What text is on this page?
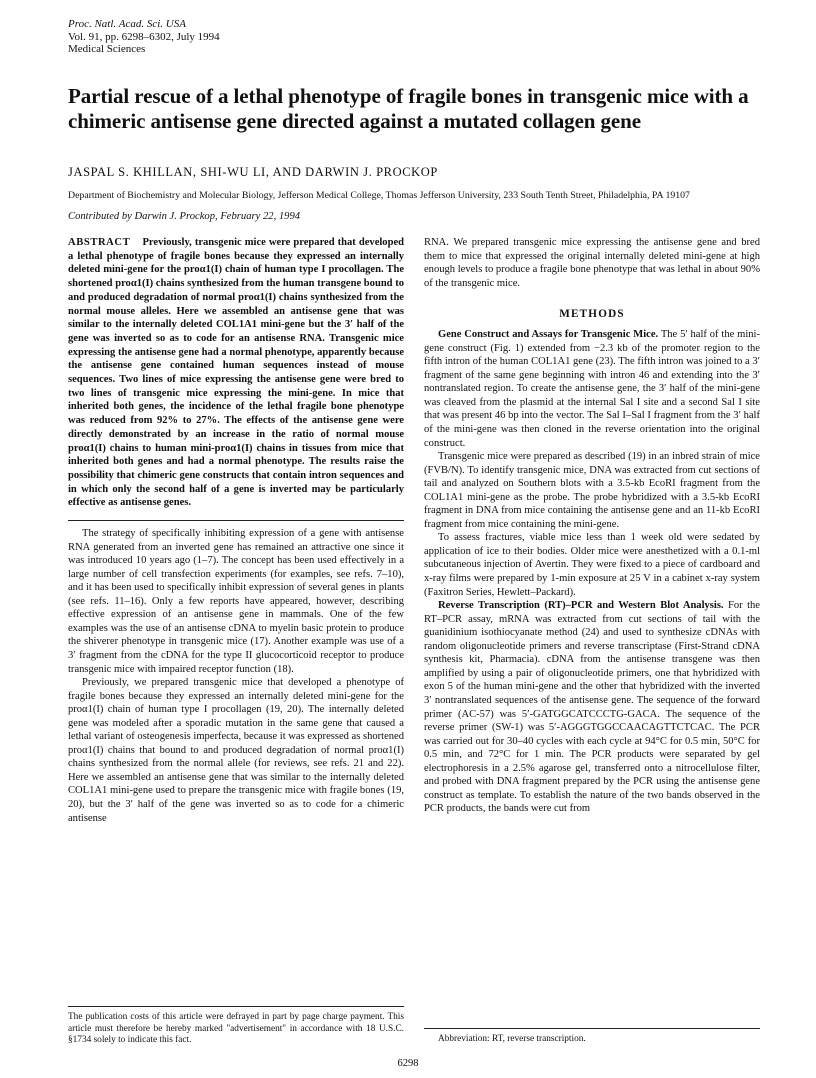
Proc. Natl. Acad. Sci. USA
Vol. 91, pp. 6298–6302, July 1994
Medical Sciences
Partial rescue of a lethal phenotype of fragile bones in transgenic mice with a chimeric antisense gene directed against a mutated collagen gene
JASPAL S. KHILLAN, SHI-WU LI, AND DARWIN J. PROCKOP
Department of Biochemistry and Molecular Biology, Jefferson Medical College, Thomas Jefferson University, 233 South Tenth Street, Philadelphia, PA 19107
Contributed by Darwin J. Prockop, February 22, 1994

ABSTRACT Previously, transgenic mice were prepared that developed a lethal phenotype of fragile bones because they expressed an internally deleted mini-gene for the proα1(I) chain of human type I procollagen. The shortened proα1(I) chains synthesized from the human transgene bound to and produced degradation of normal proα1(I) chains synthesized from the normal mouse alleles. Here we assembled an antisense gene that was similar to the internally deleted COL1A1 mini-gene but the 3′ half of the gene was inverted so as to code for an antisense RNA. Transgenic mice expressing the antisense gene had a normal phenotype, apparently because the antisense gene contained human sequences instead of mouse sequences. Two lines of mice expressing the antisense gene were bred to two lines of transgenic mice expressing the mini-gene. In mice that inherited both genes, the incidence of the lethal fragile bone phenotype was reduced from 92% to 27%. The effects of the antisense gene were directly demonstrated by an increase in the ratio of normal mouse proα1(I) chains to human mini-proα1(I) chains in tissues from mice that inherited both genes and had a normal phenotype. The results raise the possibility that chimeric gene constructs that contain intron sequences and in which only the second half of a gene is inverted may be particularly effective as antisense genes.

The strategy of specifically inhibiting expression of a gene with antisense RNA generated from an inverted gene has remained an attractive one since it was introduced 10 years ago (1–7). The concept has been used effectively in a large number of cell transfection experiments (for examples, see refs. 7–10), and it has been used to specifically inhibit expression of several genes in plants (see refs. 11–16). Only a few reports have appeared, however, describing effective expression of an antisense gene in mammals. One of the few examples was the use of an antisense cDNA to myelin basic protein to produce the shiverer phenotype in transgenic mice (17). Another example was use of a 3′ fragment from the cDNA for the type II glucocorticoid receptor to produce transgenic mice with impaired receptor function (18).

Previously, we prepared transgenic mice that developed a phenotype of fragile bones because they expressed an internally deleted mini-gene for the proα1(I) chain of human type I procollagen (19, 20). The internally deleted gene was modeled after a sporadic mutation in the same gene that caused a lethal variant of osteogenesis imperfecta, because it was expressed as shortened proα1(I) chains that bound to and produced degradation of normal proα1(I) chains synthesized from the normal allele (for reviews, see refs. 21 and 22). Here we assembled an antisense gene that was similar to the internally deleted COL1A1 mini-gene used to prepare the transgenic mice with fragile bones (19, 20), but the 3′ half of the gene was inverted so as to code for a chimeric antisense

The publication costs of this article were defrayed in part by page charge payment. This article must therefore be hereby marked "advertisement" in accordance with 18 U.S.C. §1734 solely to indicate this fact.

RNA. We prepared transgenic mice expressing the antisense gene and bred them to mice that expressed the original internally deleted mini-gene at high enough levels to produce a fragile bone phenotype that was lethal in about 90% of the transgenic mice.

METHODS

Gene Construct and Assays for Transgenic Mice. The 5′ half of the mini-gene construct (Fig. 1) extended from −2.3 kb of the promoter region to the fifth intron of the human COL1A1 gene (23). The fifth intron was joined to a 3′ fragment of the same gene beginning with intron 46 and extending into the 3′ nontranslated region. To create the antisense gene, the 3′ half of the mini-gene was cleaved from the plasmid at the internal Sal I site and a second Sal I site that was present 46 bp into the vector. The Sal I–Sal I fragment from the 3′ half of the mini-gene was then cloned in the reverse orientation into the original construct.

Transgenic mice were prepared as described (19) in an inbred strain of mice (FVB/N). To identify transgenic mice, DNA was extracted from cut sections of tail and analyzed on Southern blots with a 3.5-kb EcoRI fragment from the COL1A1 mini-gene as the probe. The probe hybridized with a 3.5-kb EcoRI fragment in DNA from mice containing the antisense gene and an 11-kb EcoRI fragment from mice containing the mini-gene.

To assess fractures, viable mice less than 1 week old were sedated by application of ice to their bodies. Older mice were anesthetized with a 0.1-ml subcutaneous injection of Avertin. They were fixed to a piece of cardboard and x-ray films were prepared by 1-min exposure at 25 V in a cabinet x-ray system (Faxitron Series, Hewlett–Packard).

Reverse Transcription (RT)–PCR and Western Blot Analysis. For the RT–PCR assay, mRNA was extracted from cut sections of tail with the guanidinium isothiocyanate method (24) and used to synthesize cDNAs with random oligonucleotide primers and reverse transcriptase (First-Strand cDNA synthesis kit, Pharmacia). cDNA from the antisense transgene was then amplified by using a pair of oligonucleotide primers, one that hybridized with exon 5 of the human mini-gene and the other that hybridized with the inverted 3′ nontranslated sequences of the antisense gene. The sequence of the forward primer (AC-57) was 5′-GATGGCATCCCTG-GACA. The sequence of the reverse primer (SW-1) was 5′-AGGGTGGCCAACAGTTCTCAC. The PCR was carried out for 30–40 cycles with each cycle at 94°C for 0.5 min, 50°C for 0.5 min, and 72°C for 1 min. The PCR products were separated by gel electrophoresis in a 2.5% agarose gel, transferred onto a nitrocellulose filter, and probed with DNA fragment prepared by the PCR using the antisense gene construct as template. To establish the nature of the two bands observed in the PCR products, the bands were cut from

Abbreviation: RT, reverse transcription.
6298
